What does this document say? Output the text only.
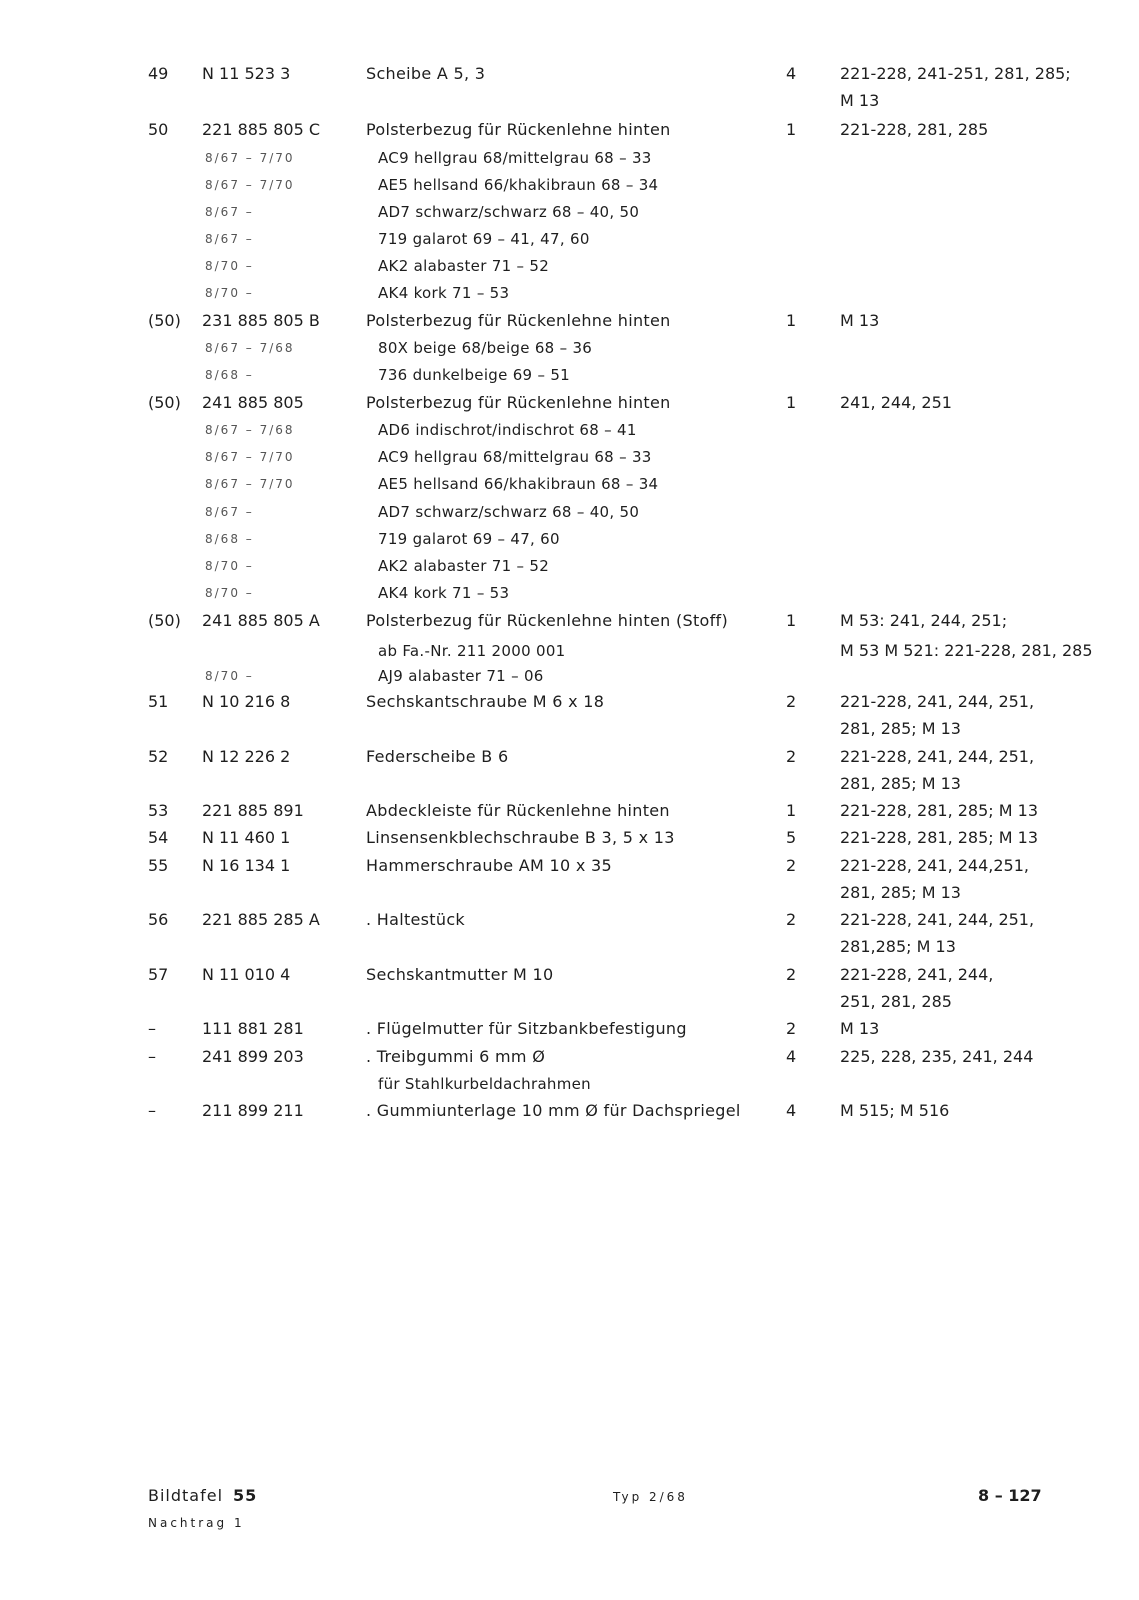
49 N 11 523 3	Scheibe A 5, 3	4	221-228, 241-251, 281, 285;
M 13
50 221 885 805 C	Polsterbezug für Rückenlehne hinten	1	221-228, 281, 285
8/67 – 7/70	AC9 hellgrau 68/mittelgrau 68 – 33
8/67 – 7/70	AE5 hellsand 66/khakibraun 68 – 34
8/67 –	AD7 schwarz/schwarz 68 – 40, 50
8/67 –	719 galarot 69 – 41, 47, 60
8/70 –	AK2 alabaster 71 – 52
8/70 –	AK4 kork 71 – 53
(50) 231 885 805 B	Polsterbezug für Rückenlehne hinten	1	M 13
8/67 – 7/68	80X beige 68/beige 68 – 36
8/68 –	736 dunkelbeige 69 – 51
(50) 241 885 805	Polsterbezug für Rückenlehne hinten	1	241, 244, 251
8/67 – 7/68	AD6 indischrot/indischrot 68 – 41
8/67 – 7/70	AC9 hellgrau 68/mittelgrau 68 – 33
8/67 – 7/70	AE5 hellsand 66/khakibraun 68 – 34
8/67 –	AD7 schwarz/schwarz 68 – 40, 50
8/68 –	719 galarot 69 – 47, 60
8/70 –	AK2 alabaster 71 – 52
8/70 –	AK4 kork 71 – 53
(50) 241 885 805 A	Polsterbezug für Rückenlehne hinten (Stoff)	1	M 53: 241, 244, 251;
ab Fa.-Nr. 211 2000 001	M 53 M 521: 221-228, 281, 285
8/70 –	AJ9 alabaster 71 – 06
51 N 10 216 8	Sechskantschraube M 6 x 18	2	221-228, 241, 244, 251,
281, 285; M 13
52 N 12 226 2	Federscheibe B 6	2	221-228, 241, 244, 251,
281, 285; M 13
53 221 885 891	Abdeckleiste für Rückenlehne hinten	1	221-228, 281, 285; M 13
54 N 11 460 1	Linsensenkblechschraube B 3, 5 x 13	5	221-228, 281, 285; M 13
55 N 16 134 1	Hammerschraube AM 10 x 35	2	221-228, 241, 244,251,
281, 285; M 13
56 221 885 285 A	. Haltestück	2	221-228, 241, 244, 251,
281,285; M 13
57 N 11 010 4	Sechskantmutter M 10	2	221-228, 241, 244,
251, 281, 285
–	111 881 281	. Flügelmutter für Sitzbankbefestigung	2	M 13
–	241 899 203	. Treibgummi 6 mm Ø	4	225, 228, 235, 241, 244
für Stahlkurbeldachrahmen
–	211 899 211	. Gummiunterlage 10 mm Ø für Dachspriegel	4	M 515; M 516
Bildtafel 55
Nachtrag 1
Typ 2/68	8 – 127
